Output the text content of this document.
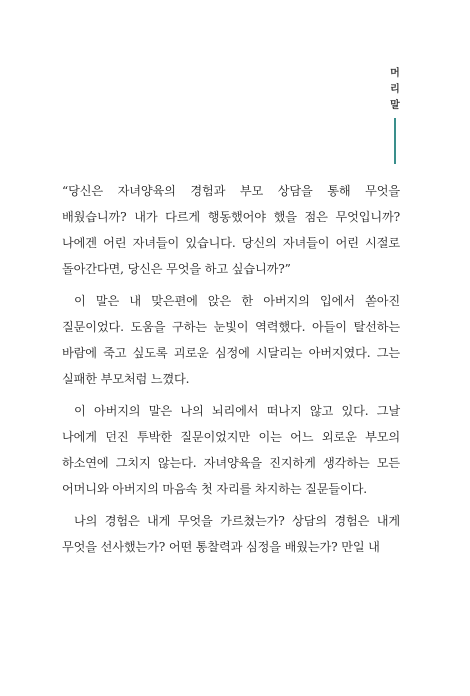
머
리
말

“당신은 자녀양육의 경험과 부모 상담을 통해 무엇을 배웠습니까? 내가 다르게 행동했어야 했을 점은 무엇입니까? 나에겐 어린 자녀들이 있습니다. 당신의 자녀들이 어린 시절로 돌아간다면, 당신은 무엇을 하고 싶습니까?”

이 말은 내 맞은편에 앉은 한 아버지의 입에서 쏟아진 질문이었다. 도움을 구하는 눈빛이 역력했다. 아들이 탈선하는 바람에 죽고 싶도록 괴로운 심정에 시달리는 아버지였다. 그는 실패한 부모처럼 느꼈다.

이 아버지의 말은 나의 뇌리에서 떠나지 않고 있다. 그날 나에게 던진 투박한 질문이었지만 이는 어느 외로운 부모의 하소연에 그치지 않는다. 자녀양육을 진지하게 생각하는 모든 어머니와 아버지의 마음속 첫 자리를 차지하는 질문들이다.

나의 경험은 내게 무엇을 가르쳤는가? 상담의 경험은 내게 무엇을 선사했는가? 어떤 통찰력과 심정을 배웠는가? 만일 내
